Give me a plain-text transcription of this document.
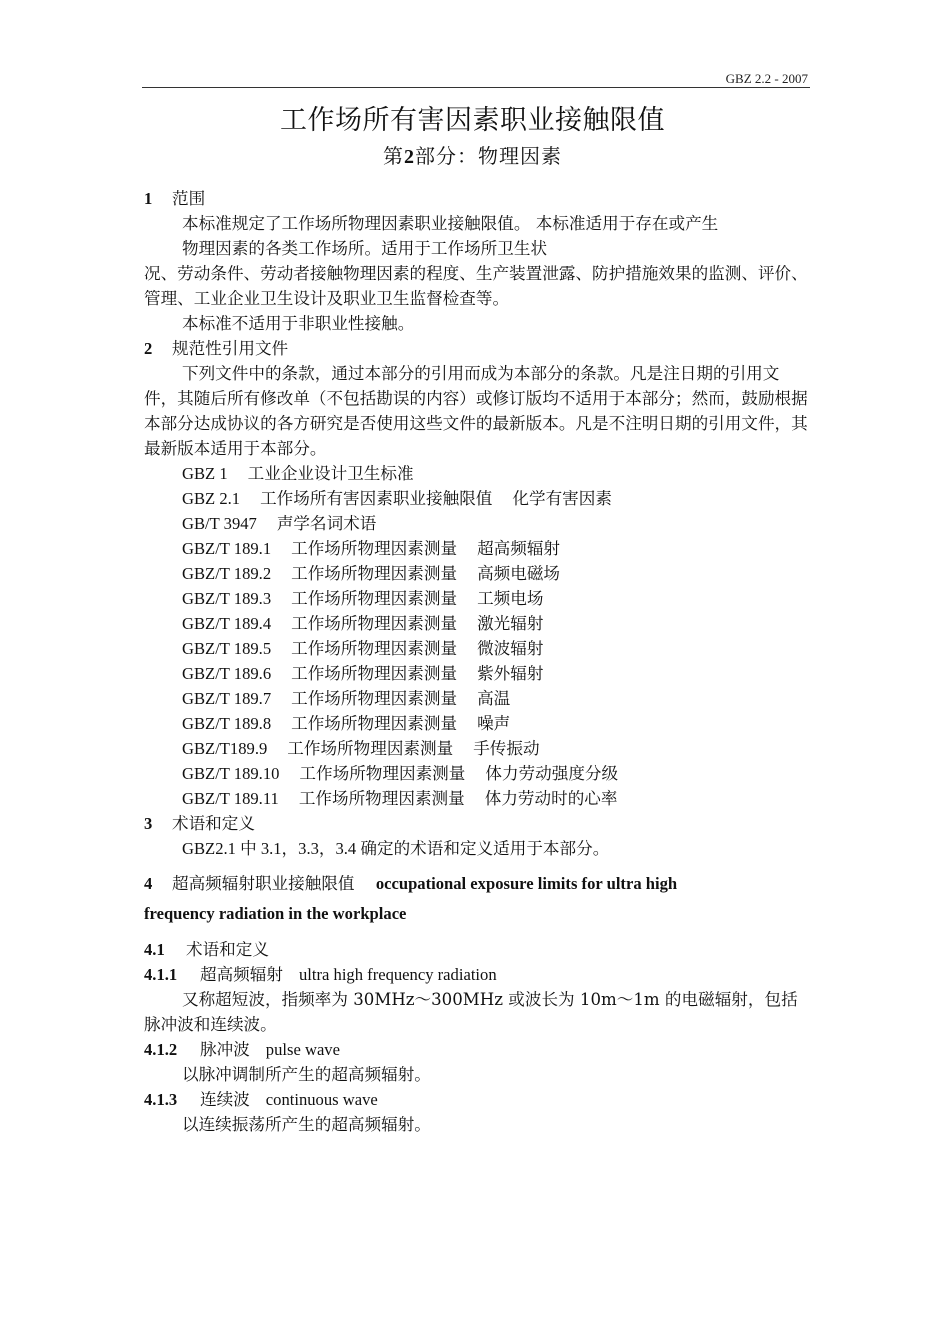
GBZ 2.2 - 2007
工作场所有害因素职业接触限值
第2部分：物理因素
1 范围
本标准规定了工作场所物理因素职业接触限值。 本标准适用于存在或产生
物理因素的各类工作场所。适用于工作场所卫生状
况、劳动条件、劳动者接触物理因素的程度、生产装置泄露、防护措施效果的监测、评价、管理、工业企业卫生设计及职业卫生监督检查等。
本标准不适用于非职业性接触。
2 规范性引用文件
下列文件中的条款，通过本部分的引用而成为本部分的条款。凡是注日期的引用文件，其随后所有修改单（不包括勘误的内容）或修订版均不适用于本部分；然而，鼓励根据本部分达成协议的各方研究是否使用这些文件的最新版本。凡是不注明日期的引用文件，其最新版本适用于本部分。
GBZ 1 工业企业设计卫生标准
GBZ 2.1 工作场所有害因素职业接触限值 化学有害因素
GB/T 3947 声学名词术语
GBZ/T 189.1 工作场所物理因素测量 超高频辐射
GBZ/T 189.2 工作场所物理因素测量 高频电磁场
GBZ/T 189.3 工作场所物理因素测量 工频电场
GBZ/T 189.4 工作场所物理因素测量 激光辐射
GBZ/T 189.5 工作场所物理因素测量 微波辐射
GBZ/T 189.6 工作场所物理因素测量 紫外辐射
GBZ/T 189.7 工作场所物理因素测量 高温
GBZ/T 189.8 工作场所物理因素测量 噪声
GBZ/T189.9 工作场所物理因素测量 手传振动
GBZ/T 189.10 工作场所物理因素测量 体力劳动强度分级
GBZ/T 189.11 工作场所物理因素测量 体力劳动时的心率
3 术语和定义
GBZ2.1 中 3.1，3.3，3.4 确定的术语和定义适用于本部分。
4 超高频辐射职业接触限值 occupational exposure limits for ultra high
frequency radiation in the workplace
4.1 术语和定义
4.1.1 超高频辐射 ultra high frequency radiation
又称超短波，指频率为 30MHz～300MHz 或波长为 10m～1m 的电磁辐射，包括脉冲波和连续波。
4.1.2 脉冲波 pulse wave
以脉冲调制所产生的超高频辐射。
4.1.3 连续波 continuous wave
以连续振荡所产生的超高频辐射。
